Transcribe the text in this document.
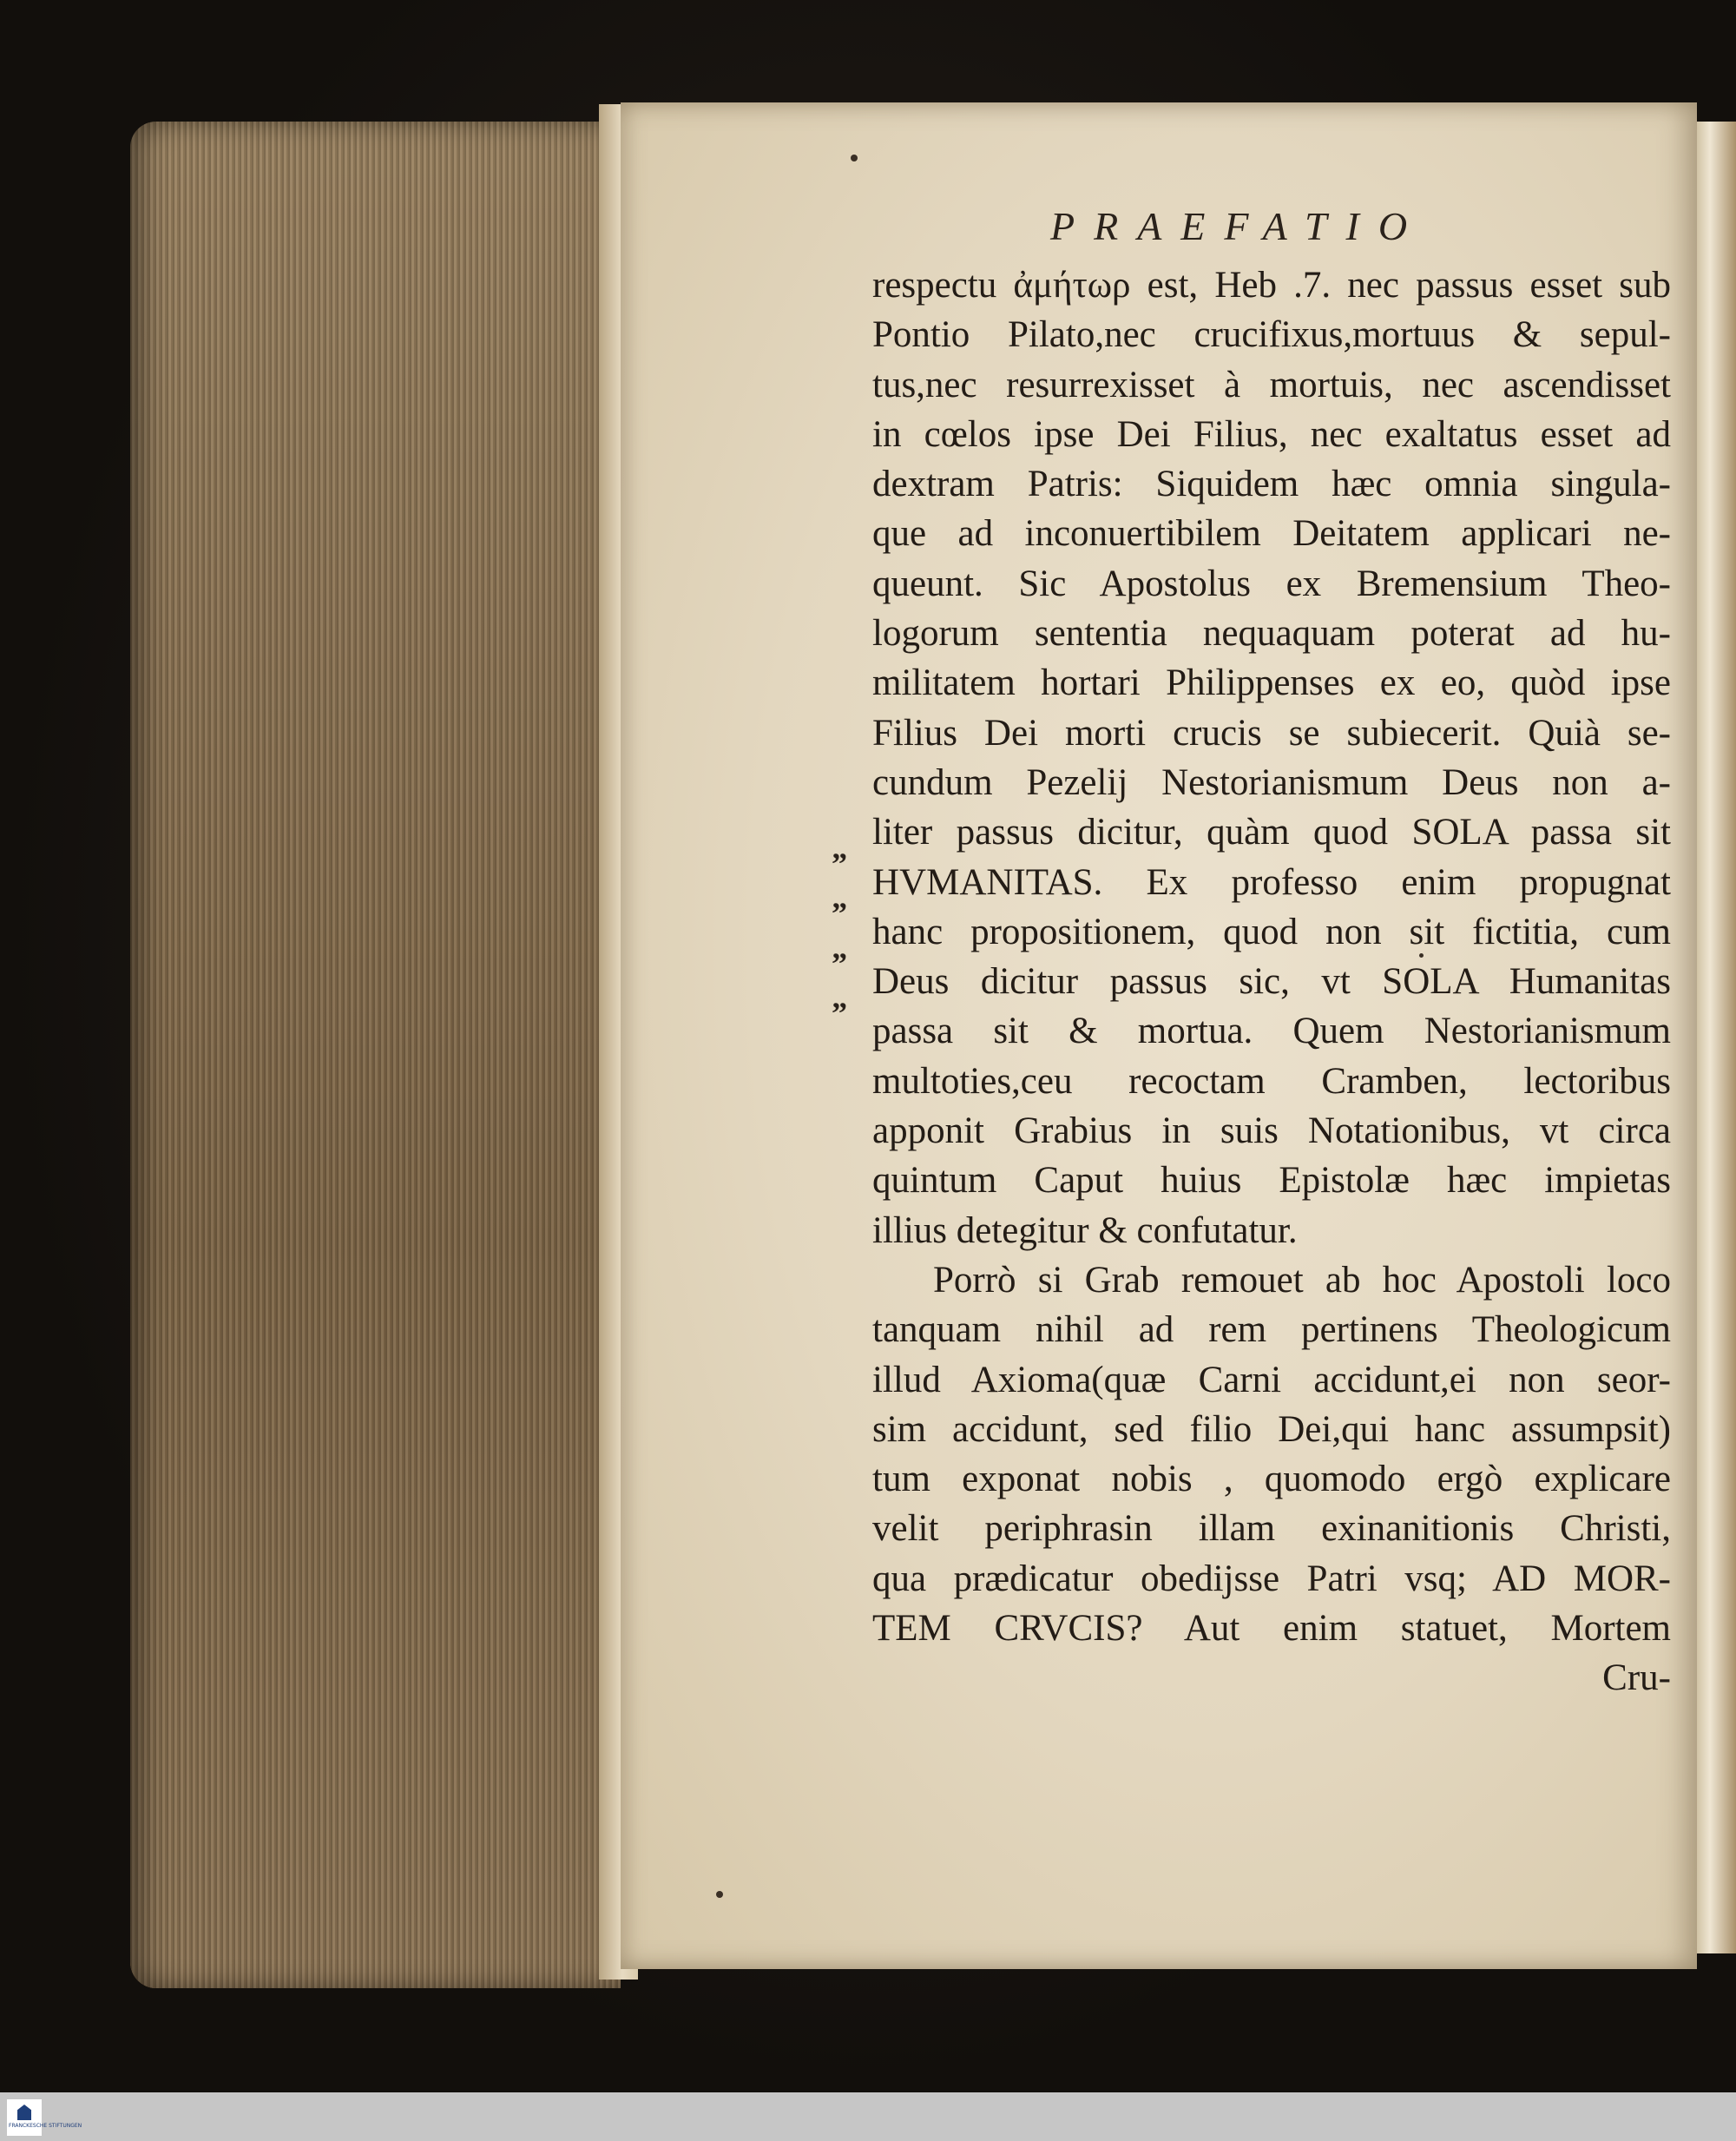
PRAEFATIO
”
”
”
”
respectu ἀμήτωρ est, Heb .7. nec passus esset sub
Pontio Pilato,nec crucifixus,mortuus & sepul-
tus,nec resurrexisset à mortuis, nec ascendisset
in cœlos ipse Dei Filius, nec exaltatus esset ad
dextram Patris: Siquidem hæc omnia singula-
que ad inconuertibilem Deitatem applicari ne-
queunt. Sic Apostolus ex Bremensium Theo-
logorum sententia nequaquam poterat ad hu-
militatem hortari Philippenses ex eo, quòd ipse
Filius Dei morti crucis se subiecerit. Quià se-
cundum Pezelij Nestorianismum Deus non a-
liter passus dicitur, quàm quod SOLA passa sit
HVMANITAS. Ex professo enim propugnat
hanc propositionem, quod non sit fictitia, cum
Deus dicitur passus sic, vt SOLA Humanitas
passa sit & mortua. Quem Nestorianismum
multoties,ceu recoctam Cramben, lectoribus
apponit Grabius in suis Notationibus, vt circa
quintum Caput huius Epistolæ hæc impietas
illius detegitur & confutatur.
Porrò si Grab remouet ab hoc Apostoli loco
tanquam nihil ad rem pertinens Theologicum
illud Axioma(quæ Carni accidunt,ei non seor-
sim accidunt, sed filio Dei,qui hanc assumpsit)
tum exponat nobis , quomodo ergò explicare
velit periphrasin illam exinanitionis Christi,
qua prædicatur obedijsse Patri vsq; AD MOR-
TEM CRVCIS? Aut enim statuet, Mortem
Cru-
FRANCKESCHE STIFTUNGEN
